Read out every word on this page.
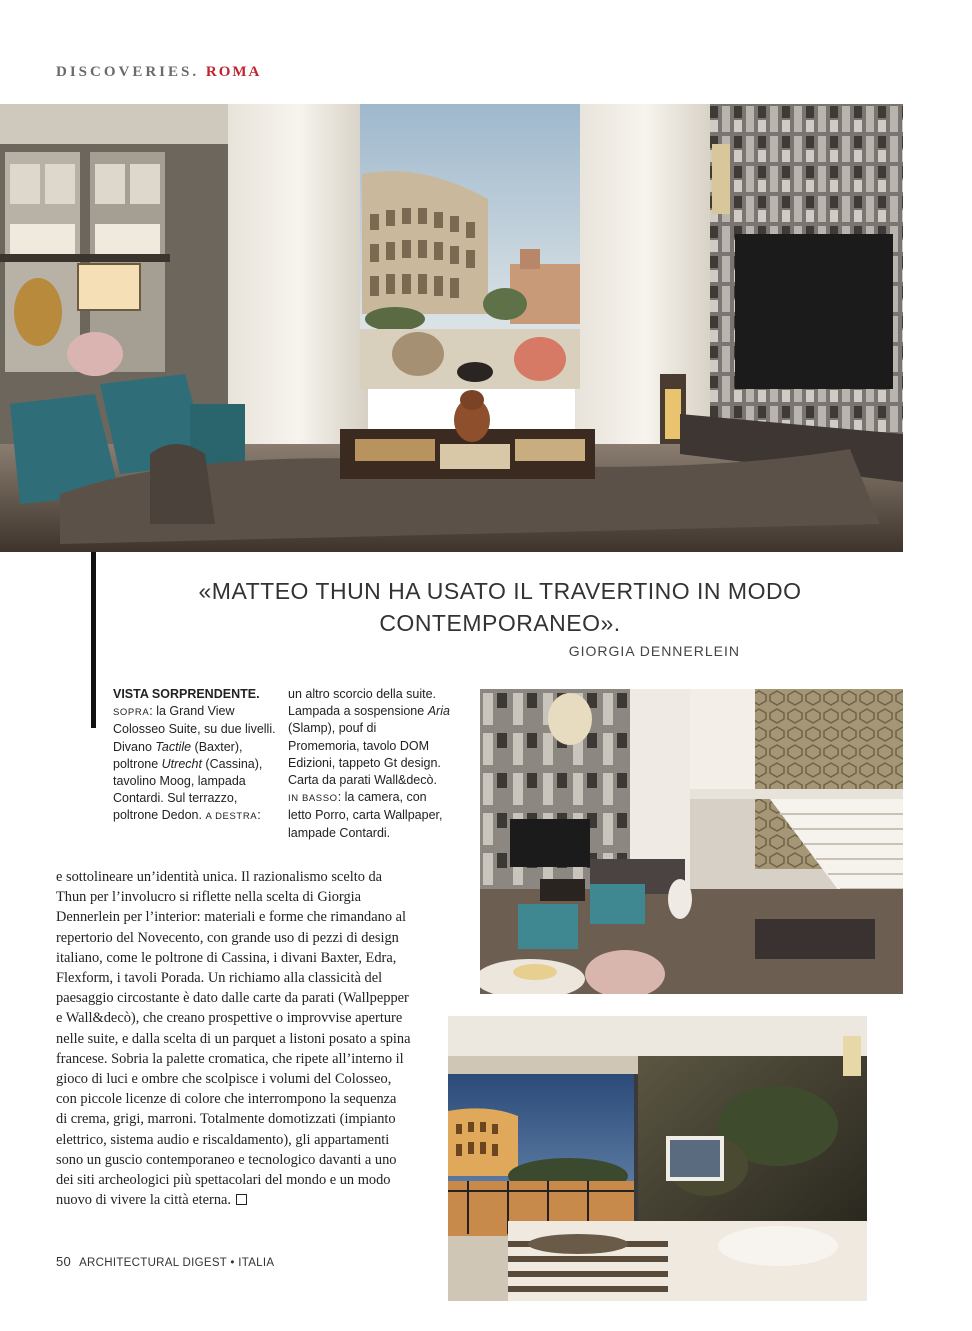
DISCOVERIES. ROMA
«MATTEO THUN HA USATO IL TRAVERTINO IN MODO CONTEMPORANEO».
GIORGIA DENNERLEIN
VISTA SORPRENDENTE.
SOPRA: la Grand View Colosseo Suite, su due livelli. Divano Tactile (Baxter), poltrone Utrecht (Cassina), tavolino Moog, lampada Contardi. Sul terrazzo, poltrone Dedon. A DESTRA: un altro scorcio della suite. Lampada a sospensione Aria (Slamp), pouf di Promemoria, tavolo DOM Edizioni, tappeto Gt design. Carta da parati Wall&decò. IN BASSO: la camera, con letto Porro, carta Wallpaper, lampade Contardi.
e sottolineare un’identità unica. Il razionalismo scelto da Thun per l’involucro si riflette nella scelta di Giorgia Dennerlein per l’interior: materiali e forme che rimandano al repertorio del Novecento, con grande uso di pezzi di design italiano, come le poltrone di Cassina, i divani Baxter, Edra, Flexform, i tavoli Porada. Un richiamo alla classicità del paesaggio circostante è dato dalle carte da parati (Wallpepper e Wall&decò), che creano prospettive o improvvise aperture nelle suite, e dalla scelta di un parquet a listoni posato a spina francese. Sobria la palette cromatica, che ripete all’interno il gioco di luci e ombre che scolpisce i volumi del Colosseo, con piccole licenze di colore che interrompono la sequenza di crema, grigi, marroni. Totalmente domotizzati (impianto elettrico, sistema audio e riscaldamento), gli appartamenti sono un guscio contemporaneo e tecnologico davanti a uno dei siti archeologici più spettacolari del mondo e un modo nuovo di vivere la città eterna.
50 ARCHITECTURAL DIGEST • ITALIA
